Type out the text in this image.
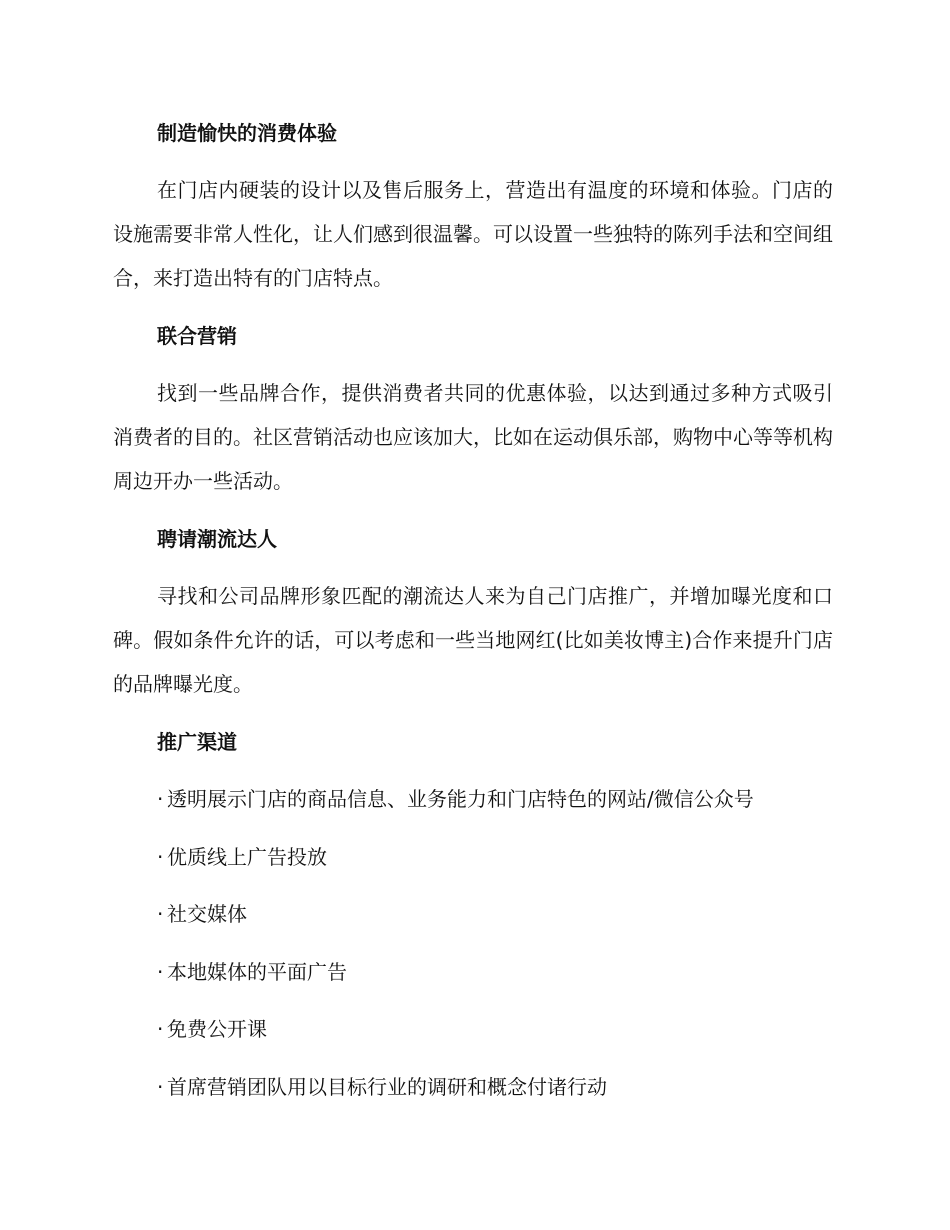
制造愉快的消费体验

在门店内硬装的设计以及售后服务上，营造出有温度的环境和体验。门店的设施需要非常人性化，让人们感到很温馨。可以设置一些独特的陈列手法和空间组合，来打造出特有的门店特点。

联合营销

找到一些品牌合作，提供消费者共同的优惠体验，以达到通过多种方式吸引消费者的目的。社区营销活动也应该加大，比如在运动俱乐部，购物中心等等机构周边开办一些活动。

聘请潮流达人

寻找和公司品牌形象匹配的潮流达人来为自己门店推广，并增加曝光度和口碑。假如条件允许的话，可以考虑和一些当地网红(比如美妆博主)合作来提升门店的品牌曝光度。

推广渠道
· 透明展示门店的商品信息、业务能力和门店特色的网站/微信公众号
· 优质线上广告投放
· 社交媒体
· 本地媒体的平面广告
· 免费公开课
· 首席营销团队用以目标行业的调研和概念付诸行动
